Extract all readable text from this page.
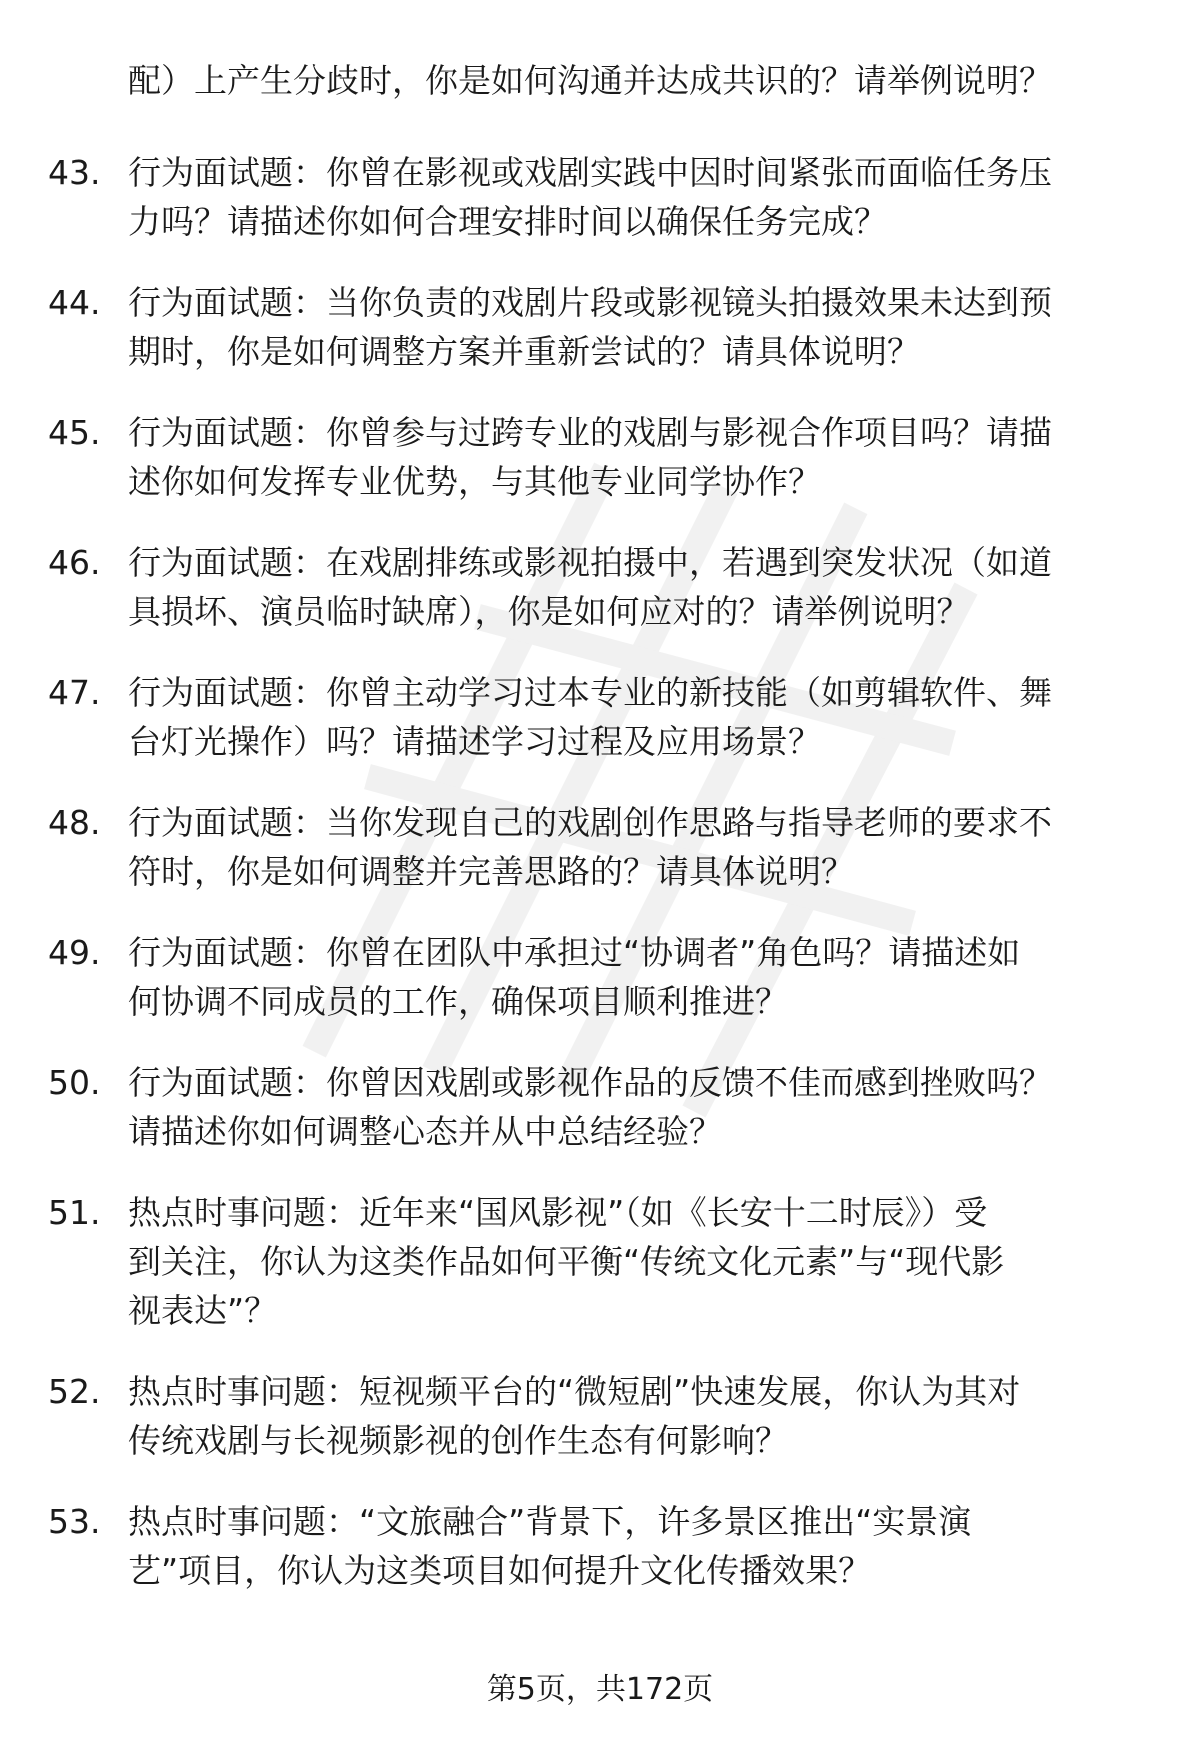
配）上产生分歧时，你是如何沟通并达成共识的？请举例说明？
43. 行为面试题：你曾在影视或戏剧实践中因时间紧张而面临任务压
力吗？请描述你如何合理安排时间以确保任务完成？
44. 行为面试题：当你负责的戏剧片段或影视镜头拍摄效果未达到预
期时，你是如何调整方案并重新尝试的？请具体说明？
45. 行为面试题：你曾参与过跨专业的戏剧与影视合作项目吗？请描
述你如何发挥专业优势，与其他专业同学协作？
46. 行为面试题：在戏剧排练或影视拍摄中，若遇到突发状况（如道
具损坏、演员临时缺席），你是如何应对的？请举例说明？
47. 行为面试题：你曾主动学习过本专业的新技能（如剪辑软件、舞
台灯光操作）吗？请描述学习过程及应用场景？
48. 行为面试题：当你发现自己的戏剧创作思路与指导老师的要求不
符时，你是如何调整并完善思路的？请具体说明？
49. 行为面试题：你曾在团队中承担过“协调者”角色吗？请描述如
何协调不同成员的工作，确保项目顺利推进？
50. 行为面试题：你曾因戏剧或影视作品的反馈不佳而感到挫败吗？
请描述你如何调整心态并从中总结经验？
51. 热点时事问题：近年来“国风影视”（如《长安十二时辰》）受
到关注，你认为这类作品如何平衡“传统文化元素”与“现代影
视表达”？
52. 热点时事问题：短视频平台的“微短剧”快速发展，你认为其对
传统戏剧与长视频影视的创作生态有何影响？
53. 热点时事问题：“文旅融合”背景下，许多景区推出“实景演
艺”项目，你认为这类项目如何提升文化传播效果？
第5页，共172页
